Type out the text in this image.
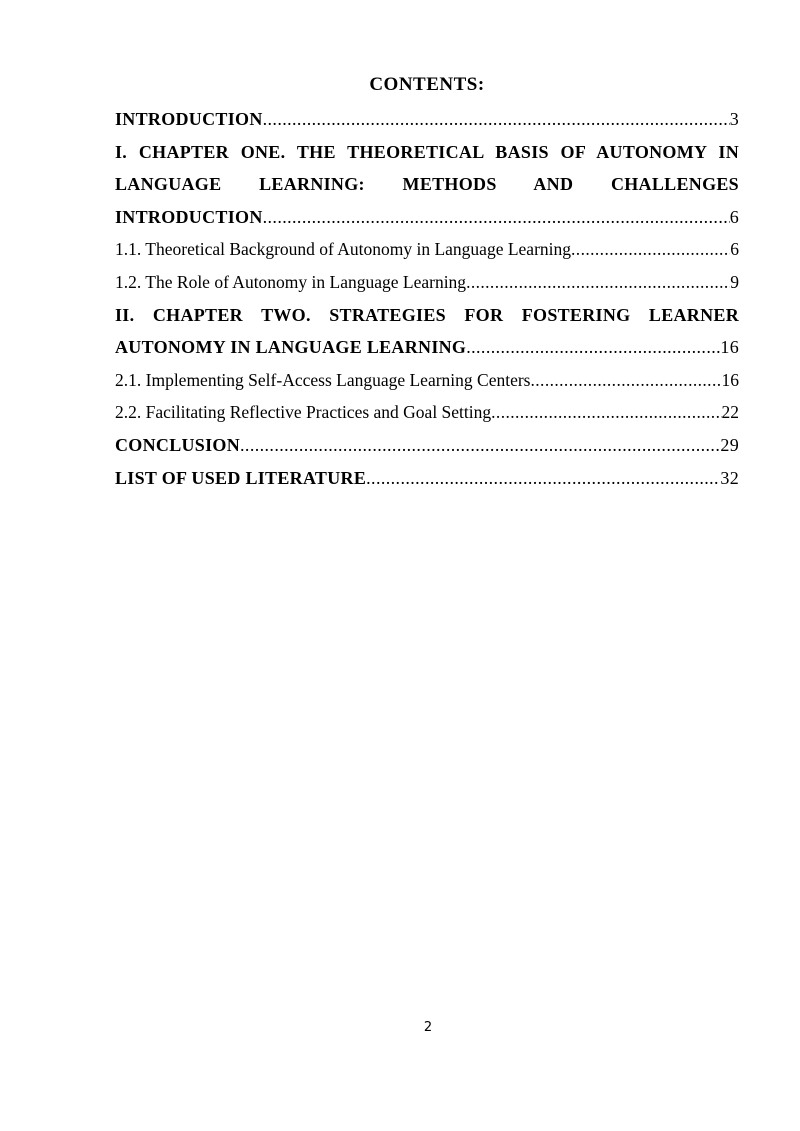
CONTENTS:
INTRODUCTION .....	3
I. CHAPTER ONE. THE THEORETICAL BASIS OF AUTONOMY IN
LANGUAGE LEARNING: METHODS AND CHALLENGES
INTRODUCTION .....	6
1.1. Theoretical Background of Autonomy in Language Learning .....	6
1.2. The Role of Autonomy in Language Learning .....	9
II. CHAPTER TWO. STRATEGIES FOR FOSTERING LEARNER
AUTONOMY IN LANGUAGE LEARNING .....	16
2.1. Implementing Self-Access Language Learning Centers .....	16
2.2. Facilitating Reflective Practices and Goal Setting .....	22
CONCLUSION .....	29
LIST OF USED LITERATURE .....	32
2
